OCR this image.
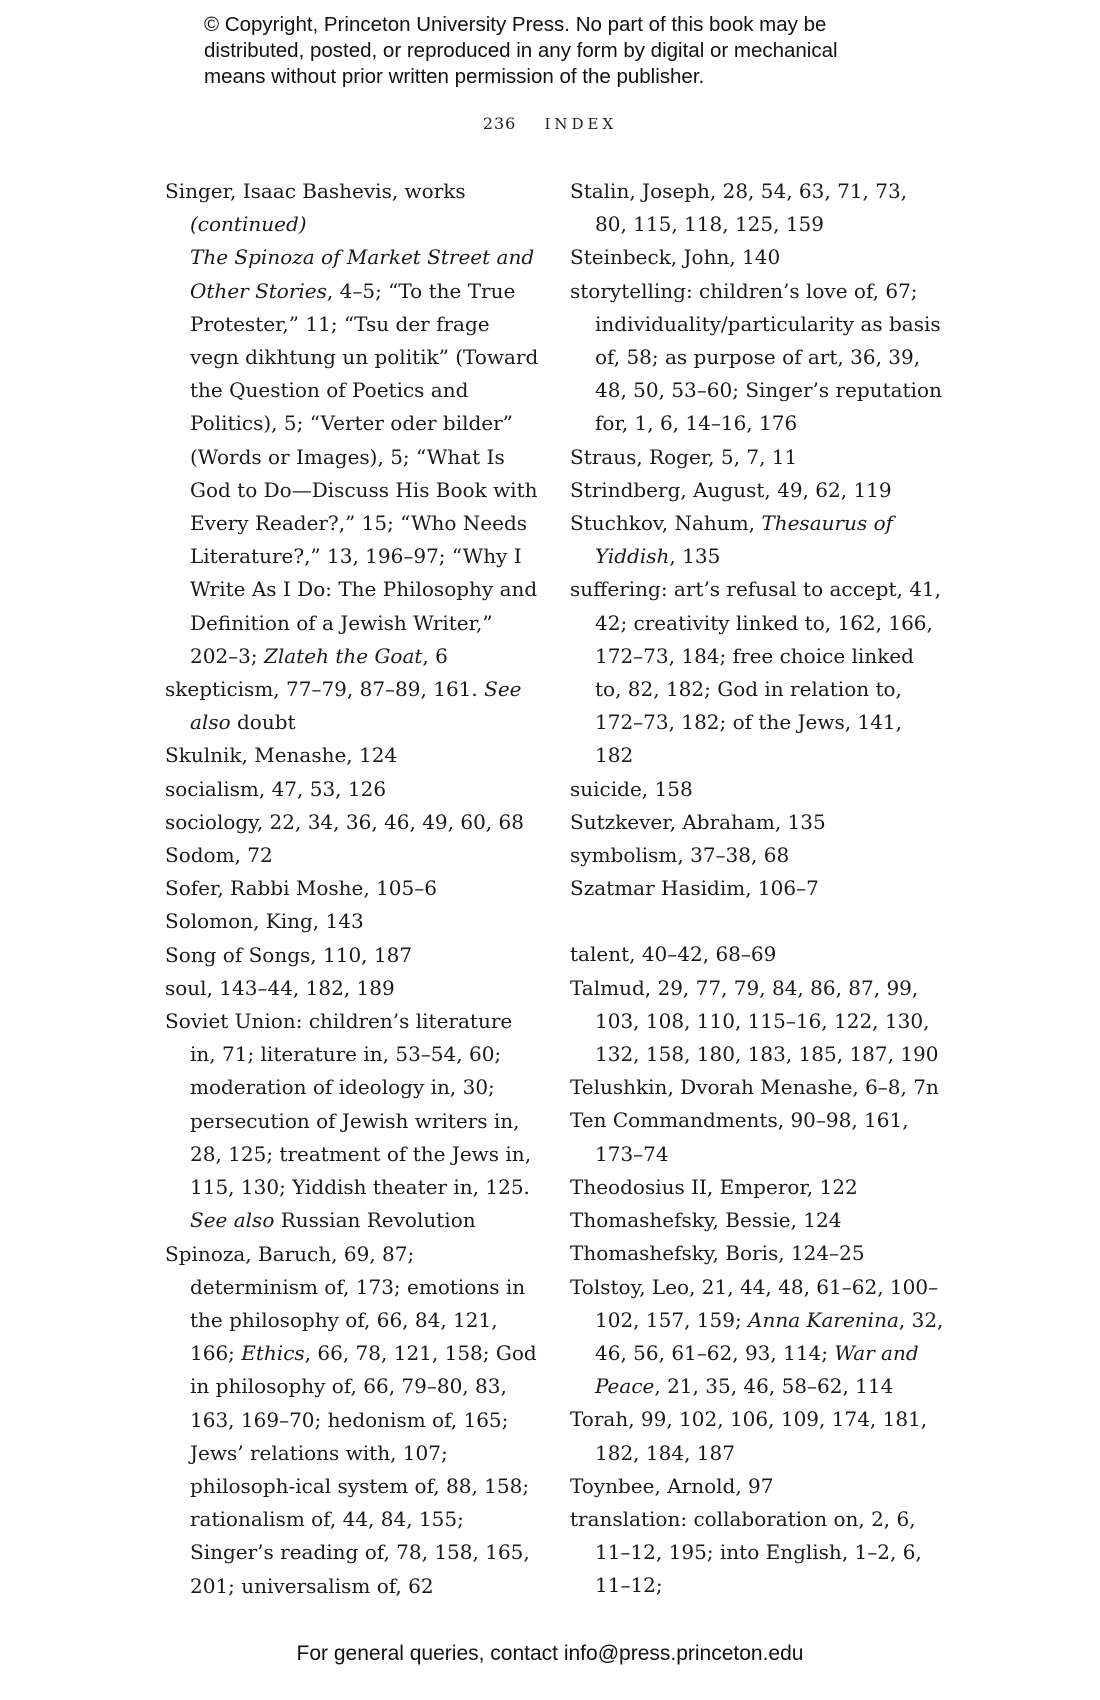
© Copyright, Princeton University Press. No part of this book may be
distributed, posted, or reproduced in any form by digital or mechanical
means without prior written permission of the publisher.
236 INDEX
Singer, Isaac Bashevis, works (continued)
The Spinoza of Market Street and Other Stories, 4–5; “To the True Protester,” 11; “Tsu der frage vegn dikhtung un politik” (Toward the Question of Poetics and Politics), 5; “Verter oder bilder” (Words or Images), 5; “What Is God to Do—Discuss His Book with Every Reader?,” 15; “Who Needs Literature?,” 13, 196–97; “Why I Write As I Do: The Philosophy and Definition of a Jewish Writer,” 202–3; Zlateh the Goat, 6
skepticism, 77–79, 87–89, 161. See also doubt
Skulnik, Menashe, 124
socialism, 47, 53, 126
sociology, 22, 34, 36, 46, 49, 60, 68
Sodom, 72
Sofer, Rabbi Moshe, 105–6
Solomon, King, 143
Song of Songs, 110, 187
soul, 143–44, 182, 189
Soviet Union: children’s literature in, 71; literature in, 53–54, 60; moderation of ideology in, 30; persecution of Jewish writers in, 28, 125; treatment of the Jews in, 115, 130; Yiddish theater in, 125. See also Russian Revolution
Spinoza, Baruch, 69, 87; determinism of, 173; emotions in the philosophy of, 66, 84, 121, 166; Ethics, 66, 78, 121, 158; God in philosophy of, 66, 79–80, 83, 163, 169–70; hedonism of, 165; Jews’ relations with, 107; philosoph-ical system of, 88, 158; rationalism of, 44, 84, 155; Singer’s reading of, 78, 158, 165, 201; universalism of, 62
Stalin, Joseph, 28, 54, 63, 71, 73, 80, 115, 118, 125, 159
Steinbeck, John, 140
storytelling: children’s love of, 67; individuality/particularity as basis of, 58; as purpose of art, 36, 39, 48, 50, 53–60; Singer’s reputation for, 1, 6, 14–16, 176
Straus, Roger, 5, 7, 11
Strindberg, August, 49, 62, 119
Stuchkov, Nahum, Thesaurus of Yiddish, 135
suffering: art’s refusal to accept, 41, 42; creativity linked to, 162, 166, 172–73, 184; free choice linked to, 82, 182; God in relation to, 172–73, 182; of the Jews, 141, 182
suicide, 158
Sutzkever, Abraham, 135
symbolism, 37–38, 68
Szatmar Hasidim, 106–7
talent, 40–42, 68–69
Talmud, 29, 77, 79, 84, 86, 87, 99, 103, 108, 110, 115–16, 122, 130, 132, 158, 180, 183, 185, 187, 190
Telushkin, Dvorah Menashe, 6–8, 7n
Ten Commandments, 90–98, 161, 173–74
Theodosius II, Emperor, 122
Thomashefsky, Bessie, 124
Thomashefsky, Boris, 124–25
Tolstoy, Leo, 21, 44, 48, 61–62, 100–102, 157, 159; Anna Karenina, 32, 46, 56, 61–62, 93, 114; War and Peace, 21, 35, 46, 58–62, 114
Torah, 99, 102, 106, 109, 174, 181, 182, 184, 187
Toynbee, Arnold, 97
translation: collaboration on, 2, 6, 11–12, 195; into English, 1–2, 6, 11–12;
For general queries, contact info@press.princeton.edu
